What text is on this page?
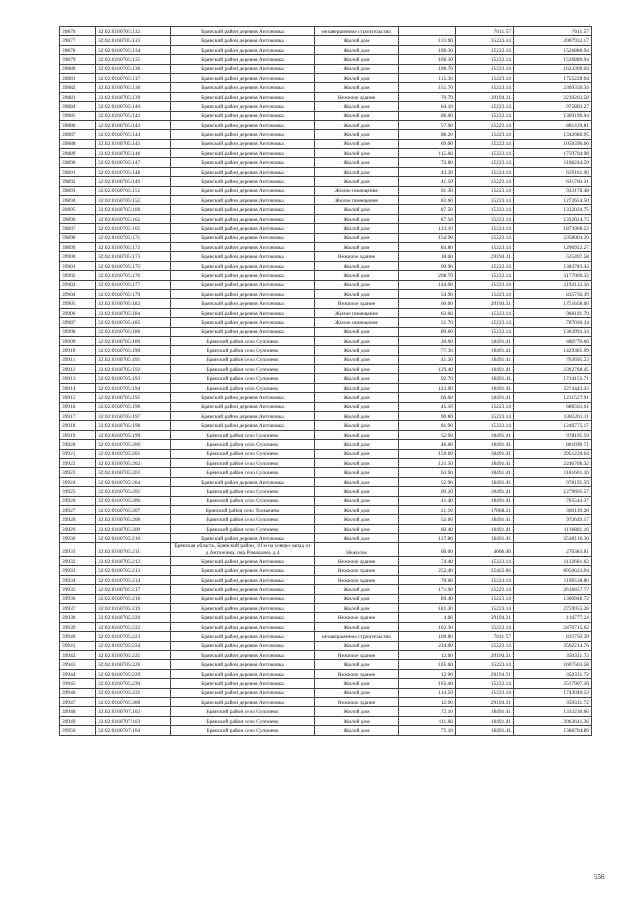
39876	32:02:0160705:132	Брянский район деревня Антоновка	незавершенное строительство		7611.57	7611.57
39877	32:02:0160705:133	Брянский район деревня Антоновка	Жилой дом	131.90	15223.14	2007932.17
39878	32:02:0160705:134	Брянский район деревня Антоновка	Жилой дом	100.30	15223.14	1526880.94
39879	32:02:0160705:135	Брянский район деревня Антоновка	Жилой дом	100.30	15223.14	1526880.94
39880	32:02:0160705:136	Брянский район деревня Антоновка	Жилой дом	106.70	15223.14	1624309.04
39881	32:02:0160705:137	Брянский район деревня Антоновка	Жилой дом	115.30	15223.14	1755228.04
39882	32:02:0160705:138	Брянский район деревня Антоновка	Жилой дом	151.70	15223.14	2309350.34
39883	32:02:0160705:139	Брянский район деревня Антоновка	Нежилое здание	76.70	29194.31	2239203.58
39884	32:02:0160705:140	Брянский район деревня Антоновка	Жилой дом	64.10	15223.14	975803.27
39885	32:02:0160705:142	Брянский район деревня Антоновка	Жилой дом	86.00	15223.14	1309190.04
39886	32:02:0160705:143	Брянский район деревня Антоновка	Жилой дом	57.90	15223.14	881419.81
39887	32:02:0160705:144	Брянский район деревня Антоновка	Жилой дом	88.20	15223.14	1342680.95
39888	32:02:0160705:145	Брянский район деревня Антоновка	Жилой дом	69.00	15223.14	1050396.66
39889	32:02:0160705:146	Брянский район деревня Антоновка	Жилой дом	115.60	15223.14	1759794.98
39890	32:02:0160705:147	Брянский район деревня Антоновка	Жилой дом	72.80	15223.14	1108244.59
39891	32:02:0160705:148	Брянский район деревня Антоновка	Жилой дом	43.30	15223.14	659161.96
39892	32:02:0160705:149	Брянский район деревня Антоновка	Жилой дом	41.50	15223.14	631760.31
39893	32:02:0160705:151	Брянский район деревня Антоновка	Жилое помещение	61.30	15223.14	933178.48
39894	32:02:0160705:152	Брянский район деревня Антоновка	Жилое помещение	83.60	15223.14	1272654.50
39895	32:02:0160705:160	Брянский район деревня Антоновка	Жилой дом	87.50	15223.14	1332024.75
39896	32:02:0160705:162	Брянский район деревня Антоновка	Жилой дом	87.50	15223.14	1332024.75
39897	32:02:0160705:165	Брянский район деревня Антоновка	Жилой дом	123.10	15223.14	1873968.53
39898	32:02:0160705:171	Брянский район деревня Антоновка	Жилой дом	154.90	15223.14	2358064.39
39899	32:02:0160705:172	Брянский район деревня Антоновка	Жилой дом	84.80	15223.14	1290922.27
39900	32:02:0160705:173	Брянский район деревня Антоновка	Нежилое здание	18.00	29194.31	525497.58
39901	32:02:0160705:175	Брянский район деревня Антоновка	Жилой дом	90.90	15223.14	1383783.43
39902	32:02:0160705:176	Брянский район деревня Антоновка	Жилой дом	208.70	15223.14	3177069.32
39903	32:02:0160705:177	Брянский район деревня Антоновка	Жилой дом	144.00	15223.14	2192132.16
39904	32:02:0160705:179	Брянский район деревня Антоновка	Жилой дом	54.90	15223.14	835750.39
39905	32:02:0160705:182	Брянский район деревня Антоновка	Нежилое здание	60.00	29194.31	1751658.60
39906	32:02:0160705:184	Брянский район деревня Антоновка	Жилое помещение	63.60	15223.14	968191.70
39907	32:02:0160705:185	Брянский район деревня Антоновка	Жилое помещение	51.70	15223.14	787036.34
39908	32:02:0160705:186	Брянский район деревня Антоновка	Жилой дом	89.60	15223.14	1363993.34
39909	32:02:0160705:189	Брянский район село Супонево	Жилой дом	26.00	18491.41	480776.66
39910	32:02:0160705:190	Брянский район село Супонево	Жилой дом	77.30	18491.41	1429385.99
39911	32:02:0160705:191	Брянский район село Супонево	Жилой дом	41.30	18491.41	763695.23
39912	32:02:0160705:192	Брянский район село Супонево	Жилой дом	129.40	18491.41	2392788.45
39913	32:02:0160705:193	Брянский район село Супонево	Жилой дом	92.70	18491.41	1714153.71
39914	32:02:0160705:194	Брянский район село Супонево	Жилой дом	123.00	18491.41	2274443.43
39915	32:02:0160705:195	Брянский район деревня Антоновка	Жилой дом	66.60	18491.41	1231527.91
39916	32:02:0160705:196	Брянский район деревня Антоновка	Жилой дом	45.10	15223.14	686563.61
39917	32:02:0160705:197	Брянский район деревня Антоновка	Жилой дом	90.80	15223.14	1382261.11
39918	32:02:0160705:198	Брянский район деревня Антоновка	Жилой дом	81.90	15223.14	1246775.17
39919	32:02:0160705:199	Брянский район село Супонево	Жилой дом	52.90	18491.41	978195.59
39920	32:02:0160705:200	Брянский район село Супонево	Жилой дом	46.60	18491.41	861699.71
39921	32:02:0160705:201	Брянский район село Супонево	Жилой дом	159.60	18491.41	2951229.04
39922	32:02:0160705:202	Брянский район село Супонево	Жилой дом	121.50	18491.41	2246706.32
39923	32:02:0160705:203	Брянский район село Супонево	Жилой дом	63.90	18491.41	1181601.10
39924	32:02:0160705:204	Брянский район деревня Антоновка	Жилой дом	52.90	18491.41	978195.59
39925	32:02:0160705:205	Брянский район село Супонево	Жилой дом	69.20	18491.41	1279605.57
39926	32:02:0160705:206	Брянский район село Супонево	Жилой дом	41.40	18491.41	765544.37
39927	32:02:0160705:207	Брянский район село Толмачево	Жилой дом	21.10	17068.21	360139.28
39928	32:02:0160705:208	Брянский район село Супонево	Жилой дом	52.60	18491.41	972649.17
39929	32:02:0160705:209	Брянский район село Супонево	Жилой дом	60.40	18491.41	1116881.16
39930	32:02:0160705:210	Брянский район деревня Антоновка	Жилой дом	137.80	18491.41	2548116.30
39931	32:02:0160705:211	Брянская область, Брянский район, 10 м на северо-запад от д.Антоновка, пер.Ромашина, д.4	Нежилое	60.00	4606.40	276383.81
39932	32:02:0160705:212	Брянский район деревня Антоновка	Нежилое здание	74.40	15223.14	1132601.62
39933	32:02:0160705:213	Брянский район деревня Антоновка	Нежилое здание	252.40	35462.06	8950623.94
39934	32:02:0160705:214	Брянский район деревня Антоновка	Нежилое здание	78.60	15223.14	1196538.80
39935	32:02:0160705:217	Брянский район деревня Антоновка	Жилой дом	171.90	15223.14	2616857.77
39936	32:02:0160705:218	Брянский район деревня Антоновка	Жилой дом	89.40	15223.14	1360948.72
39937	32:02:0160705:219	Брянский район деревня Антоновка	Жилой дом	181.30	15223.14	2759955.28
39938	32:02:0160705:220	Брянский район деревня Антоновка	Нежилое здание	4.00	29194.31	116777.24
39939	32:02:0160705:222	Брянский район деревня Антоновка	Жилой дом	162.30	15223.14	2470715.62
39940	32:02:0160705:223	Брянский район деревня Антоновка	незавершенное строительство	109.80	7611.57	835750.39
39941	32:02:0160705:224	Брянский район деревня Антоновка	Жилой дом	234.00	15223.14	3562214.76
39942	32:02:0160705:225	Брянский район деревня Антоновка	Нежилое здание	12.00	29194.31	350331.72
39943	32:02:0160705:226	Брянский район деревня Антоновка	Жилой дом	105.60	15223.14	1607563.58
39944	32:02:0160705:229	Брянский район деревня Антоновка	Нежилое здание	12.00	29194.31	350331.72
39945	32:02:0160705:230	Брянский район деревня Антоновка	Жилой дом	165.40	15223.14	2517907.36
39946	32:02:0160705:231	Брянский район деревня Антоновка	Жилой дом	114.50	15223.14	1743049.53
39947	32:02:0160705:300	Брянский район деревня Антоновка	Нежилое здание	12.00	29194.31	350331.72
39948	32:02:0160707:102	Брянский район село Супонево	Жилой дом	72.10	18491.41	1333230.66
39949	32:02:0160707:103	Брянский район село Супонево	Жилой дом	111.60	18491.41	2063641.36
39950	32:02:0160707:104	Брянский район село Супонево	Жилой дом	75.10	18491.41	1388704.89
556
